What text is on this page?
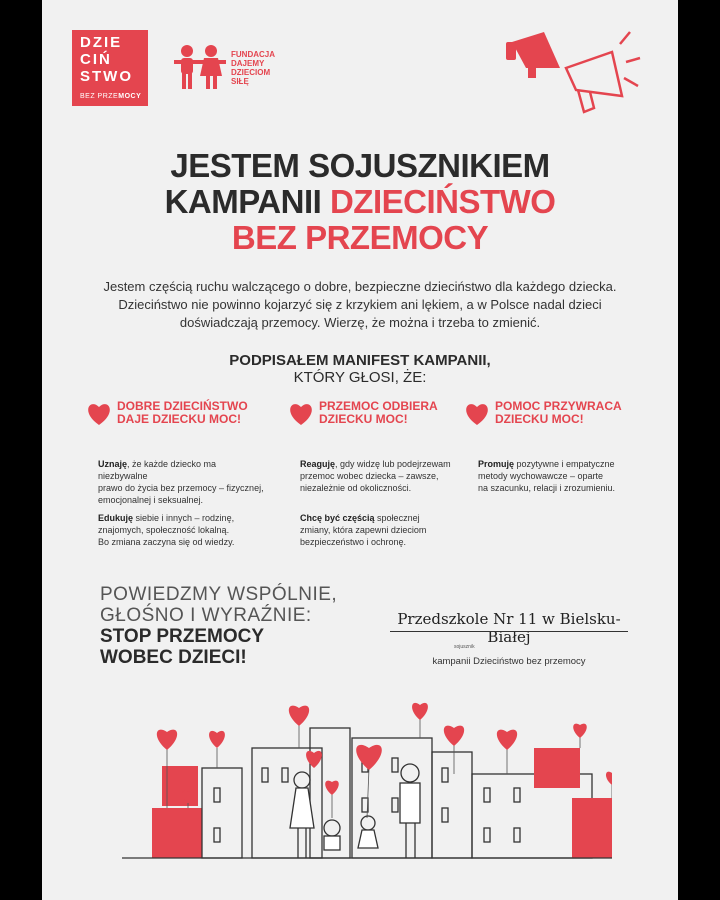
DZIE
CIŃ
STWO
BEZ PRZEMOCY
FUNDACJA
DAJEMY
DZIECIOM
SIŁĘ
JESTEM SOJUSZNIKIEM
KAMPANII DZIECIŃSTWO
BEZ PRZEMOCY
Jestem częścią ruchu walczącego o dobre, bezpieczne dzieciństwo dla każdego dziecka.
Dzieciństwo nie powinno kojarzyć się z krzykiem ani lękiem, a w Polsce nadal dzieci
doświadczają przemocy. Wierzę, że można i trzeba to zmienić.
PODPISAŁEM MANIFEST KAMPANII,
KTÓRY GŁOSI, ŻE:
DOBRE DZIECIŃSTWO
DAJE DZIECKU MOC!
PRZEMOC ODBIERA
DZIECKU MOC!
POMOC PRZYWRACA
DZIECKU MOC!
Uznaję, że każde dziecko ma niezbywalne
prawo do życia bez przemocy – fizycznej,
emocjonalnej i seksualnej.
Edukuję siebie i innych – rodzinę,
znajomych, społeczność lokalną.
Bo zmiana zaczyna się od wiedzy.
Reaguję, gdy widzę lub podejrzewam
przemoc wobec dziecka – zawsze,
niezależnie od okoliczności.
Chcę być częścią społecznej
zmiany, która zapewni dzieciom
bezpieczeństwo i ochronę.
Promuję pozytywne i empatyczne
metody wychowawcze – oparte
na szacunku, relacji i zrozumieniu.
POWIEDZMY WSPÓLNIE,
GŁOŚNO I WYRAŹNIE:
STOP PRZEMOCY
WOBEC DZIECI!
Przedszkole Nr 11 w Bielsku-
Białej
sojusznik
kampanii Dzieciństwo bez przemocy
